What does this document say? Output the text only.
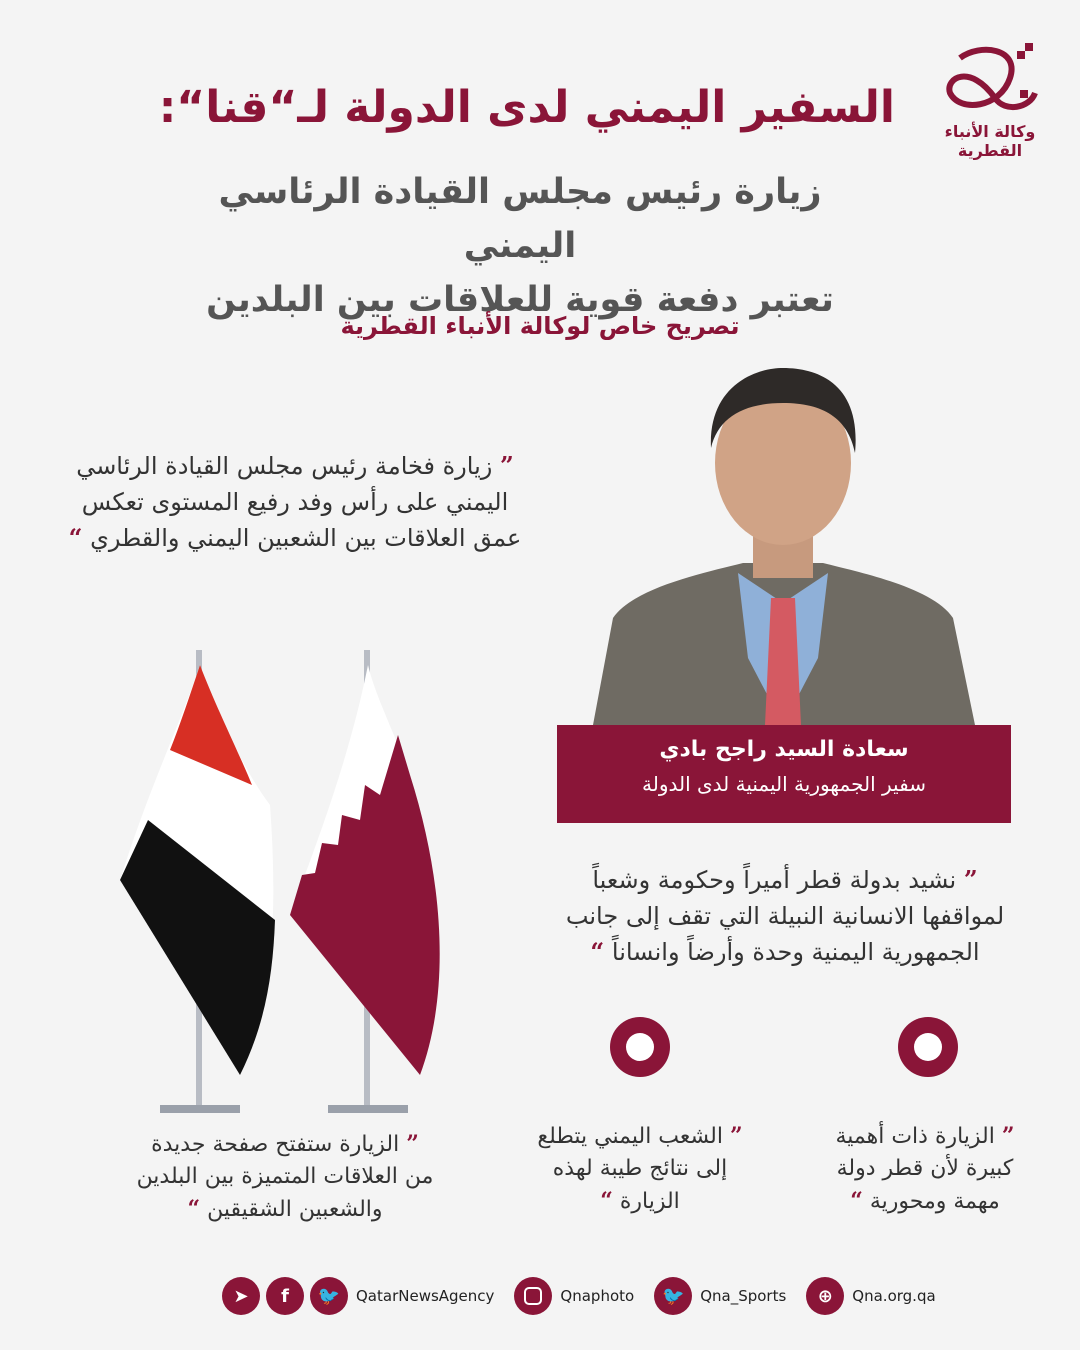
وكالة الأنباء
القطرية
السفير اليمني لدى الدولة لـ“قنا“:
زيارة رئيس مجلس القيادة الرئاسي اليمني
تعتبر دفعة قوية للعلاقات بين البلدين
تصريح خاص لوكالة الأنباء القطرية
” زيارة فخامة رئيس مجلس القيادة الرئاسي
اليمني على رأس وفد رفيع المستوى تعكس
عمق العلاقات بين الشعبين اليمني والقطري “
سعادة السيد راجح بادي
سفير الجمهورية اليمنية لدى الدولة
” نشيد بدولة قطر أميراً وحكومة وشعباً
لمواقفها الانسانية النبيلة التي تقف إلى جانب
الجمهورية اليمنية وحدة وأرضاً وانساناً “
” الزيارة ذات أهمية
كبيرة لأن قطر دولة
مهمة ومحورية “
” الشعب اليمني يتطلع
إلى نتائج طيبة لهذه
الزيارة “
” الزيارة ستفتح صفحة جديدة
من العلاقات المتميزة بين البلدين
والشعبين الشقيقين “
➤	f	🐦	QatarNewsAgency	Qnaphoto	🐦	Qna_Sports	⊕	Qna.org.qa
